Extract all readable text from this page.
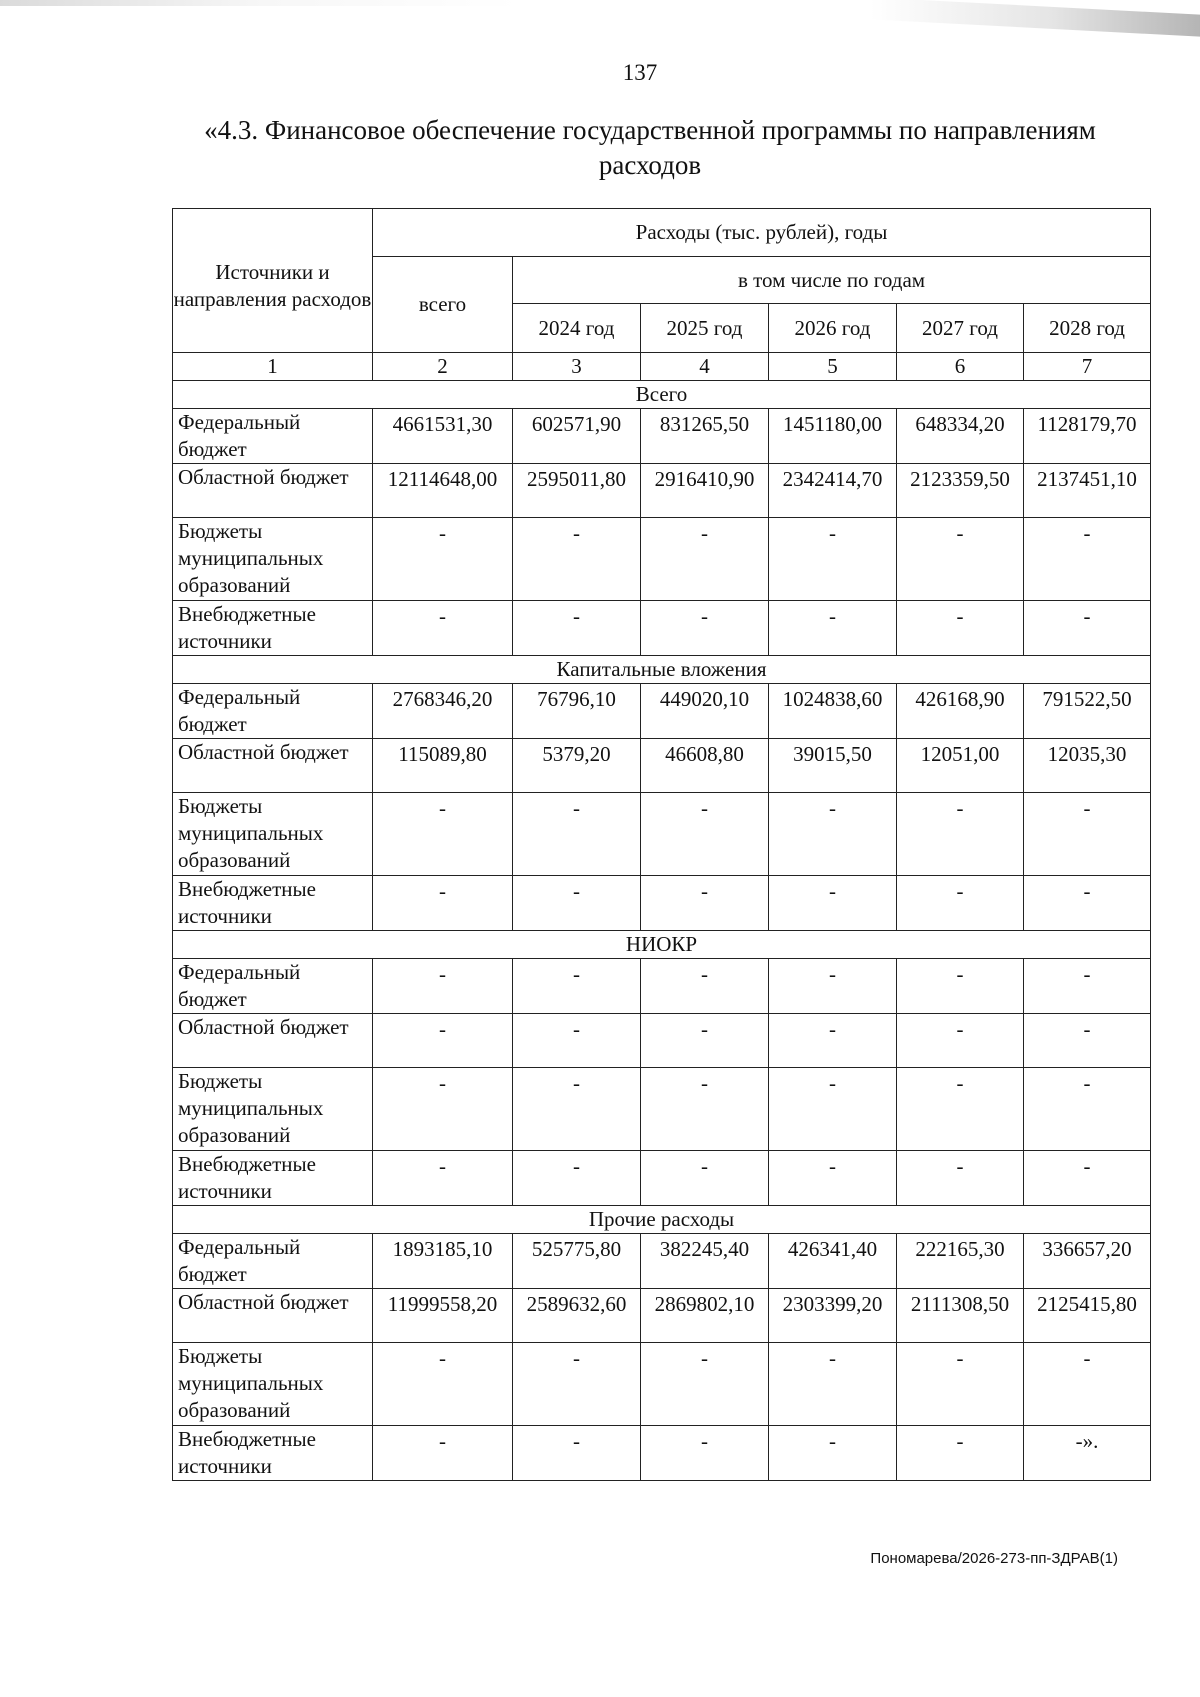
137
«4.3. Финансовое обеспечение государственной программы по направлениям расходов
Источники и направления расходов	Расходы (тыс. рублей), годы					
	всего	в том числе по годам				
		2024 год	2025 год	2026 год	2027 год	2028 год
1	2	3	4	5	6	7
Всего						
Федеральный бюджет	4661531,30	602571,90	831265,50	1451180,00	648334,20	1128179,70
Областной бюджет	12114648,00	2595011,80	2916410,90	2342414,70	2123359,50	2137451,10
Бюджеты муниципальных образований	-	-	-	-	-	-
Внебюджетные источники	-	-	-	-	-	-
Капитальные вложения						
Федеральный бюджет	2768346,20	76796,10	449020,10	1024838,60	426168,90	791522,50
Областной бюджет	115089,80	5379,20	46608,80	39015,50	12051,00	12035,30
Бюджеты муниципальных образований	-	-	-	-	-	-
Внебюджетные источники	-	-	-	-	-	-
НИОКР						
Федеральный бюджет	-	-	-	-	-	-
Областной бюджет	-	-	-	-	-	-
Бюджеты муниципальных образований	-	-	-	-	-	-
Внебюджетные источники	-	-	-	-	-	-
Прочие расходы						
Федеральный бюджет	1893185,10	525775,80	382245,40	426341,40	222165,30	336657,20
Областной бюджет	11999558,20	2589632,60	2869802,10	2303399,20	2111308,50	2125415,80
Бюджеты муниципальных образований	-	-	-	-	-	-
Внебюджетные источники	-	-	-	-	-	-».
Пономарева/2026-273-пп-ЗДРАВ(1)
